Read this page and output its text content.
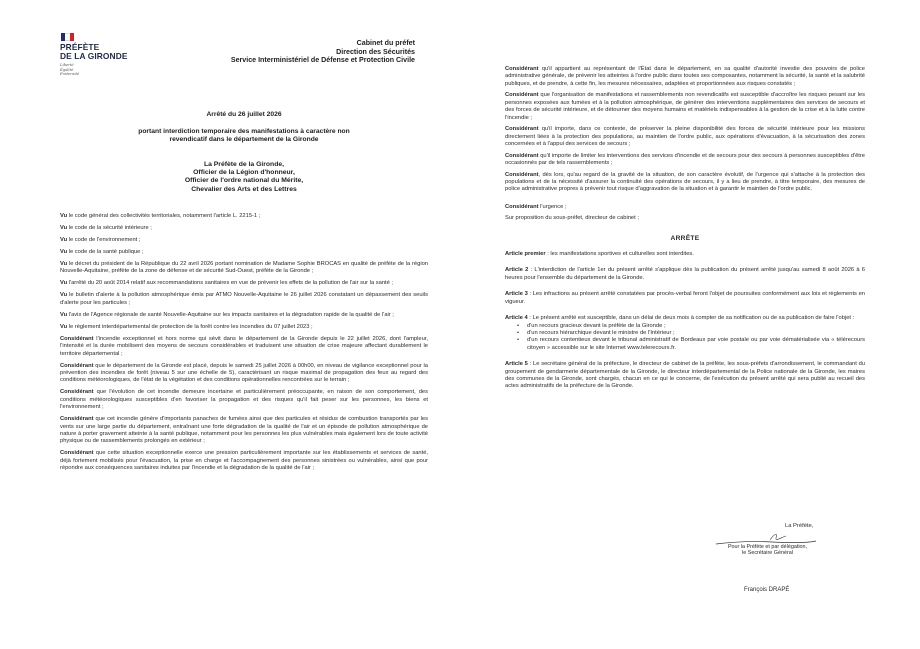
PRÉFÈTE
DE LA GIRONDE
Liberté
Égalité
Fraternité
Cabinet du préfet
Direction des Sécurités
Service Interministériel de Défense et Protection Civile
Arrêté du 26 juillet 2026
portant interdiction temporaire des manifestations à caractère non revendicatif dans le département de la Gironde
La Préfète de la Gironde,
Officier de la Légion d'honneur,
Officier de l'ordre national du Mérite,
Chevalier des Arts et des Lettres

Vu le code général des collectivités territoriales, notamment l'article L. 2215-1 ;

Vu le code de la sécurité intérieure ;

Vu le code de l'environnement ;

Vu le code de la santé publique ;

Vu le décret du président de la République du 22 avril 2026 portant nomination de Madame Sophie BROCAS en qualité de préfète de la région Nouvelle-Aquitaine, préfète de la zone de défense et de sécurité Sud-Ouest, préfète de la Gironde ;

Vu l'arrêté du 20 août 2014 relatif aux recommandations sanitaires en vue de prévenir les effets de la pollution de l'air sur la santé ;

Vu le bulletin d'alerte à la pollution atmosphérique émis par ATMO Nouvelle-Aquitaine le 26 juillet 2026 constatant un dépassement des seuils d'alerte pour les particules ;

Vu l'avis de l'Agence régionale de santé Nouvelle-Aquitaine sur les impacts sanitaires et la dégradation rapide de la qualité de l'air ;

Vu le règlement interdépartemental de protection de la forêt contre les incendies du 07 juillet 2023 ;

Considérant l'incendie exceptionnel et hors norme qui sévit dans le département de la Gironde depuis le 22 juillet 2026, dont l'ampleur, l'intensité et la durée mobilisent des moyens de secours considérables et traduisent une situation de crise majeure affectant durablement le territoire départemental ;

Considérant que le département de la Gironde est placé, depuis le samedi 25 juillet 2026 à 00h00, en niveau de vigilance exceptionnel pour la prévention des incendies de forêt (niveau 5 sur une échelle de 5), caractérisant un risque maximal de propagation des feux au regard des conditions météorologiques, de l'état de la végétation et des conditions opérationnelles rencontrées sur le terrain ;

Considérant que l'évolution de cet incendie demeure incertaine et particulièrement préoccupante, en raison de son comportement, des conditions météorologiques susceptibles d'en favoriser la propagation et des risques qu'il fait peser sur les personnes, les biens et l'environnement ;

Considérant que cet incendie génère d'importants panaches de fumées ainsi que des particules et résidus de combustion transportés par les vents sur une large partie du département, entraînant une forte dégradation de la qualité de l'air et un épisode de pollution atmosphérique de nature à porter gravement atteinte à la santé publique, notamment pour les personnes les plus vulnérables mais également lors de toute activité physique ou de rassemblements prolongés en extérieur ;

Considérant que cette situation exceptionnelle exerce une pression particulièrement importante sur les établissements et services de santé, déjà fortement mobilisés pour l'évacuation, la prise en charge et l'accompagnement des personnes sinistrées ou vulnérables, ainsi que pour répondre aux conséquences sanitaires induites par l'incendie et la dégradation de la qualité de l'air ;

Considérant qu'il appartient au représentant de l'État dans le département, en sa qualité d'autorité investie des pouvoirs de police administrative générale, de prévenir les atteintes à l'ordre public dans toutes ses composantes, notamment la sécurité, la santé et la salubrité publiques, et de prendre, à cette fin, les mesures nécessaires, adaptées et proportionnées aux risques constatés ;

Considérant que l'organisation de manifestations et rassemblements non revendicatifs est susceptible d'accroître les risques pesant sur les personnes exposées aux fumées et à la pollution atmosphérique, de générer des interventions supplémentaires des services de secours et des forces de sécurité intérieure, et de détourner des moyens humains et matériels indispensables à la gestion de la crise et à la lutte contre l'incendie ;

Considérant qu'il importe, dans ce contexte, de préserver la pleine disponibilité des forces de sécurité intérieure pour les missions directement liées à la protection des populations, au maintien de l'ordre public, aux opérations d'évacuation, à la sécurisation des zones concernées et à l'appui des services de secours ;

Considérant qu'il importe de limiter les interventions des services d'incendie et de secours pour des secours à personnes susceptibles d'être occasionnés par de tels rassemblements ;

Considérant, dès lors, qu'au regard de la gravité de la situation, de son caractère évolutif, de l'urgence qui s'attache à la protection des populations et de la nécessité d'assurer la continuité des opérations de secours, il y a lieu de prendre, à titre temporaire, des mesures de police administrative propres à prévenir tout risque d'aggravation de la situation et à garantir le maintien de l'ordre public.

Considérant l'urgence ;

Sur proposition du sous-préfet, directeur de cabinet ;

ARRÊTE

Article premier : les manifestations sportives et culturelles sont interdites.

Article 2 : L'interdiction de l'article 1er du présent arrêté s'applique dès la publication du présent arrêté jusqu'au samedi 8 août 2026 à 6 heures pour l'ensemble du département de la Gironde.

Article 3 : Les infractions au présent arrêté constatées par procès-verbal feront l'objet de poursuites conformément aux lois et règlements en vigueur.

Article 4 : Le présent arrêté est susceptible, dans un délai de deux mois à compter de sa notification ou de sa publication de faire l'objet :

• d'un recours gracieux devant la préfète de la Gironde ;
• d'un recours hiérarchique devant le ministre de l'Intérieur ;
• d'un recours contentieux devant le tribunal administratif de Bordeaux par voie postale ou par voie dématérialisée via « télérecours citoyen » accessible sur le site Internet www.telerecours.fr.

Article 5 : Le secrétaire général de la préfecture, le directeur de cabinet de la préfète, les sous-préfets d'arrondissement, le commandant du groupement de gendarmerie départementale de la Gironde, le directeur interdépartemental de la Police nationale de la Gironde, les maires des communes de la Gironde, sont chargés, chacun en ce qui le concerne, de l'exécution du présent arrêté qui sera publié au recueil des actes administratifs de la préfecture de la Gironde.

La Préfète,
Pour la Préfète et par délégation,
le Secrétaire Général
François DRAPÉ
